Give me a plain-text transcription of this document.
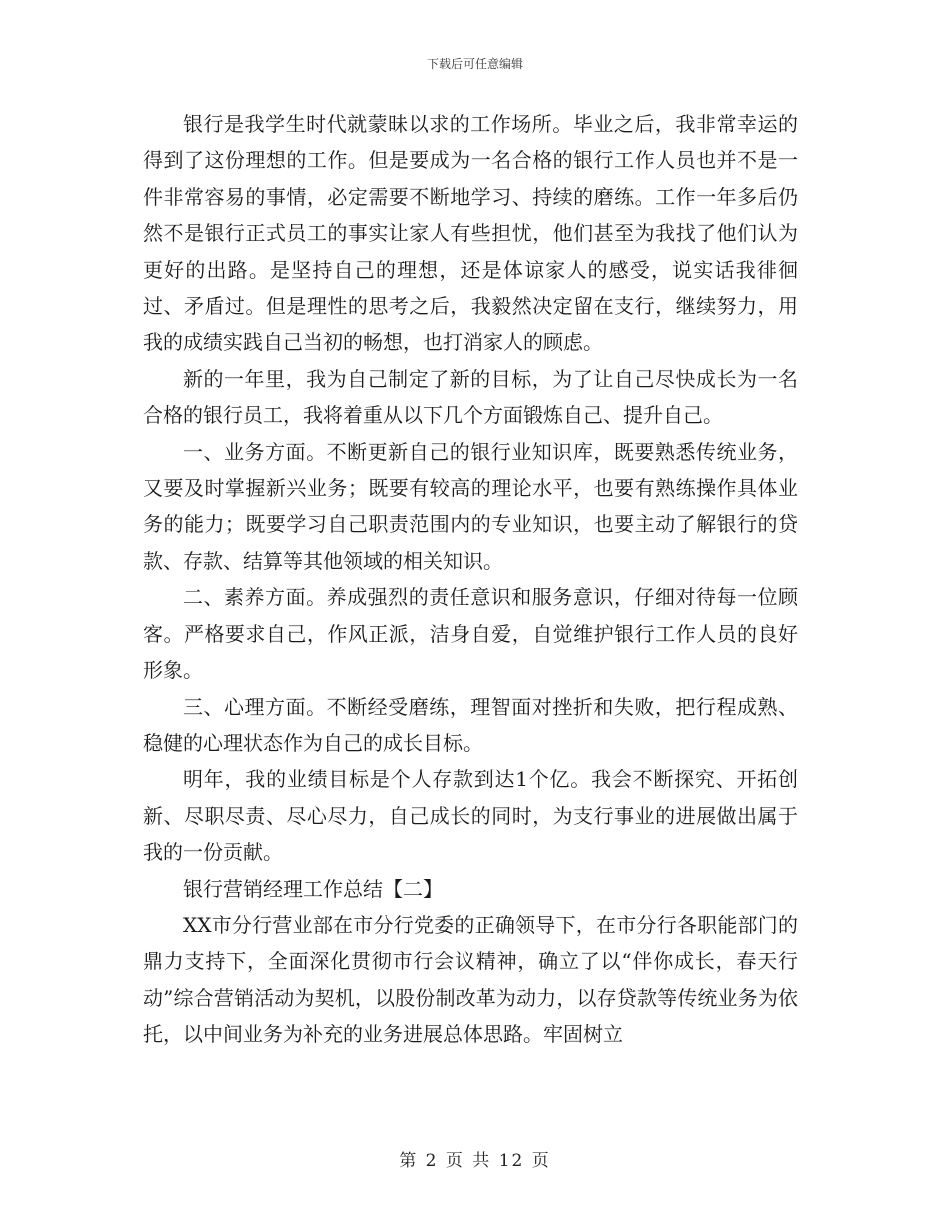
下载后可任意编辑

银行是我学生时代就蒙昧以求的工作场所。毕业之后，我非常幸运的得到了这份理想的工作。但是要成为一名合格的银行工作人员也并不是一件非常容易的事情，必定需要不断地学习、持续的磨练。工作一年多后仍然不是银行正式员工的事实让家人有些担忧，他们甚至为我找了他们认为更好的出路。是坚持自己的理想，还是体谅家人的感受，说实话我徘徊过、矛盾过。但是理性的思考之后，我毅然决定留在支行，继续努力，用我的成绩实践自己当初的畅想，也打消家人的顾虑。

新的一年里，我为自己制定了新的目标，为了让自己尽快成长为一名合格的银行员工，我将着重从以下几个方面锻炼自己、提升自己。

一、业务方面。不断更新自己的银行业知识库，既要熟悉传统业务，又要及时掌握新兴业务；既要有较高的理论水平，也要有熟练操作具体业务的能力；既要学习自己职责范围内的专业知识，也要主动了解银行的贷款、存款、结算等其他领域的相关知识。

二、素养方面。养成强烈的责任意识和服务意识，仔细对待每一位顾客。严格要求自己，作风正派，洁身自爱，自觉维护银行工作人员的良好形象。

三、心理方面。不断经受磨练，理智面对挫折和失败，把行程成熟、稳健的心理状态作为自己的成长目标。

明年，我的业绩目标是个人存款到达1个亿。我会不断探究、开拓创新、尽职尽责、尽心尽力，自己成长的同时，为支行事业的进展做出属于我的一份贡献。

银行营销经理工作总结【二】

XX市分行营业部在市分行党委的正确领导下，在市分行各职能部门的鼎力支持下，全面深化贯彻市行会议精神，确立了以“伴你成长，春天行动”综合营销活动为契机，以股份制改革为动力，以存贷款等传统业务为依托，以中间业务为补充的业务进展总体思路。牢固树立

第 2 页 共 12 页
